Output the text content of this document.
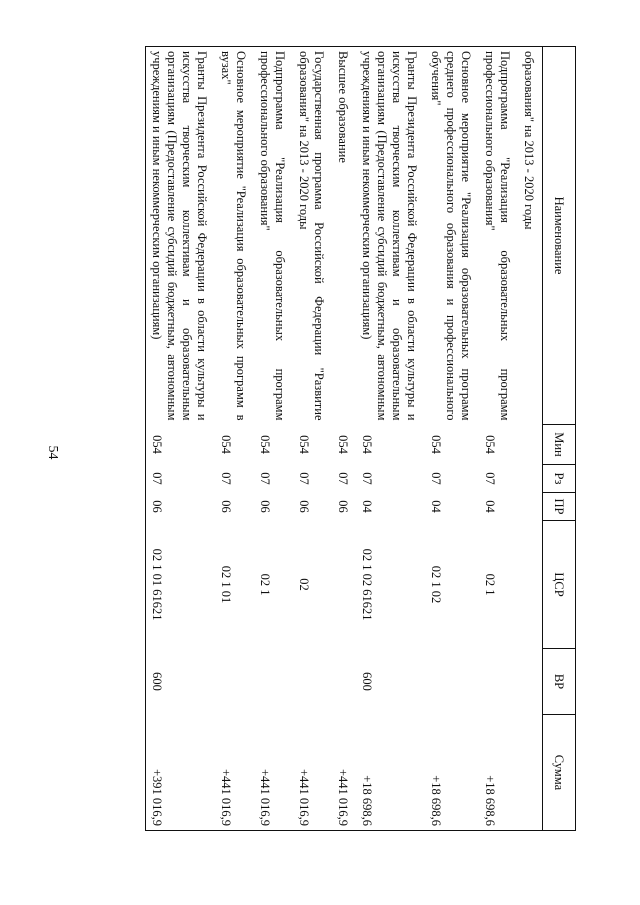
Наименование	Мин	Рз	ПР	ЦСР	ВР	Сумма
образования" на 2013 - 2020 годы						
Подпрограмма "Реализация образовательных программ профессионального образования"	054	07	04	02 1		+18 698,6
Основное мероприятие "Реализация образовательных программ среднего профессионального образования и профессионального обучения"	054	07	04	02 1 02		+18 698,6
Гранты Президента Российской Федерации в области культуры и искусства творческим коллективам и образовательным организациям (Предоставление субсидий бюджетным, автономным учреждениям и иным некоммерческим организациям)	054	07	04	02 1 02 61621	600	+18 698,6
Высшее образование	054	07	06			+441 016,9
Государственная программа Российской Федерации "Развитие образования" на 2013 - 2020 годы	054	07	06	02		+441 016,9
Подпрограмма "Реализация образовательных программ профессионального образования"	054	07	06	02 1		+441 016,9
Основное мероприятие "Реализация образовательных программ в вузах"	054	07	06	02 1 01		+441 016,9
Гранты Президента Российской Федерации в области культуры и искусства творческим коллективам и образовательным организациям (Предоставление субсидий бюджетным, автономным учреждениям и иным некоммерческим организациям)	054	07	06	02 1 01 61621	600	+391 016,9
54
